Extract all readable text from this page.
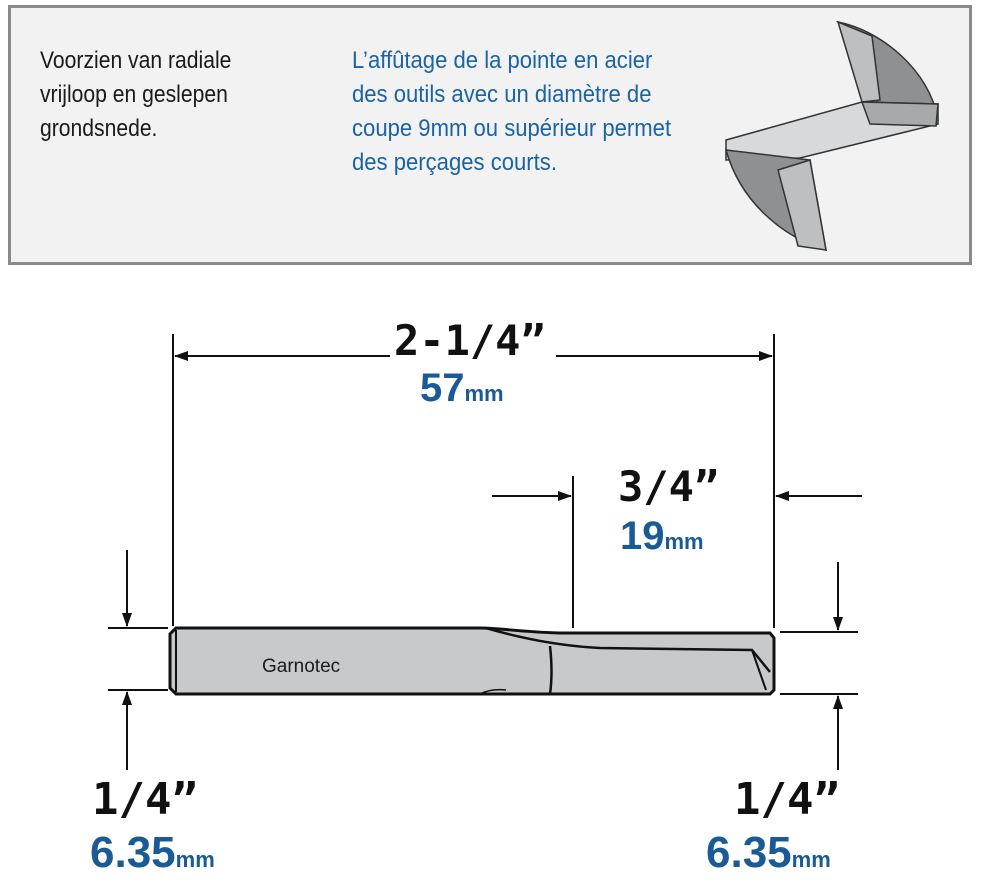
Voorzien van radiale vrijloop en geslepen grondsnede.
L’affûtage de la pointe en acier des outils avec un diamètre de coupe 9mm ou supérieur permet des perçages courts.
Garnotec
2-1/4”
57mm
3/4”
19mm
1/4”
6.35mm
1/4”
6.35mm
